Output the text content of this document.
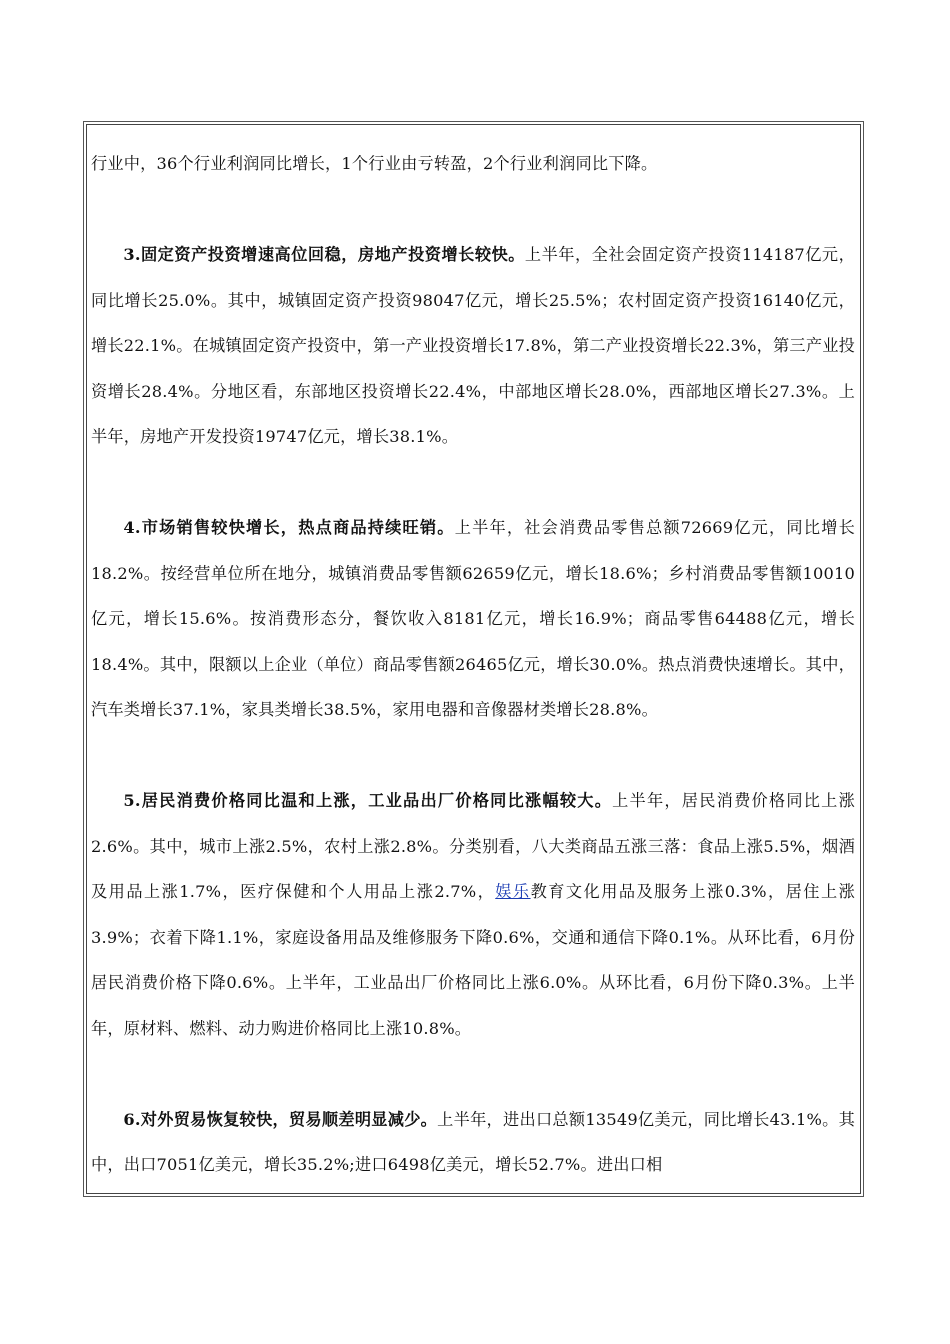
行业中，36个行业利润同比增长，1个行业由亏转盈，2个行业利润同比下降。

3.固定资产投资增速高位回稳，房地产投资增长较快。上半年，全社会固定资产投资114187亿元，同比增长25.0%。其中，城镇固定资产投资98047亿元，增长25.5%；农村固定资产投资16140亿元，增长22.1%。在城镇固定资产投资中，第一产业投资增长17.8%，第二产业投资增长22.3%，第三产业投资增长28.4%。分地区看，东部地区投资增长22.4%，中部地区增长28.0%，西部地区增长27.3%。上半年，房地产开发投资19747亿元，增长38.1%。

4.市场销售较快增长，热点商品持续旺销。上半年，社会消费品零售总额72669亿元，同比增长18.2%。按经营单位所在地分，城镇消费品零售额62659亿元，增长18.6%；乡村消费品零售额10010亿元，增长15.6%。按消费形态分，餐饮收入8181亿元，增长16.9%；商品零售64488亿元，增长18.4%。其中，限额以上企业（单位）商品零售额26465亿元，增长30.0%。热点消费快速增长。其中，汽车类增长37.1%，家具类增长38.5%，家用电器和音像器材类增长28.8%。

5.居民消费价格同比温和上涨，工业品出厂价格同比涨幅较大。上半年，居民消费价格同比上涨2.6%。其中，城市上涨2.5%，农村上涨2.8%。分类别看，八大类商品五涨三落：食品上涨5.5%，烟酒及用品上涨1.7%，医疗保健和个人用品上涨2.7%，娱乐教育文化用品及服务上涨0.3%，居住上涨3.9%；衣着下降1.1%，家庭设备用品及维修服务下降0.6%，交通和通信下降0.1%。从环比看，6月份居民消费价格下降0.6%。上半年，工业品出厂价格同比上涨6.0%。从环比看，6月份下降0.3%。上半年，原材料、燃料、动力购进价格同比上涨10.8%。

6.对外贸易恢复较快，贸易顺差明显减少。上半年，进出口总额13549亿美元，同比增长43.1%。其中，出口7051亿美元，增长35.2%;进口6498亿美元，增长52.7%。进出口相
